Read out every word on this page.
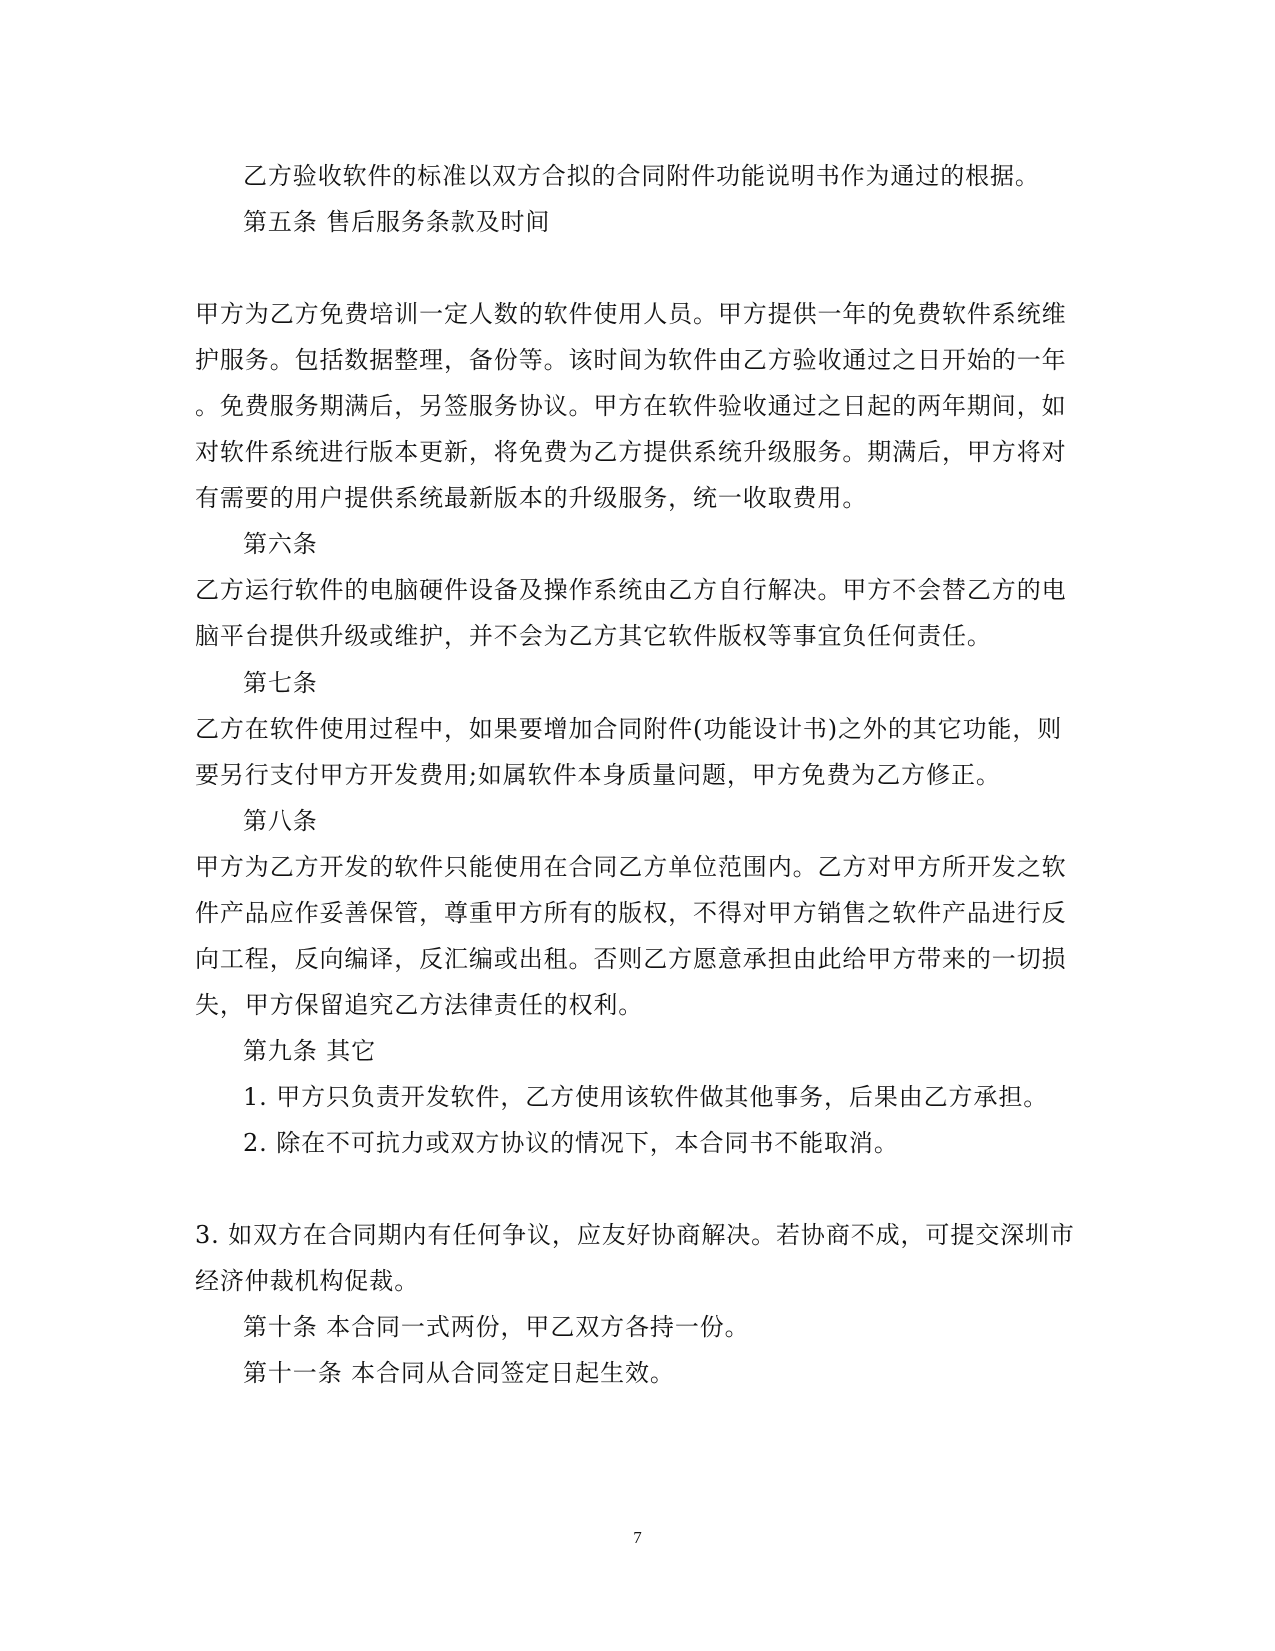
乙方验收软件的标准以双方合拟的合同附件功能说明书作为通过的根据。
第五条 售后服务条款及时间
甲方为乙方免费培训一定人数的软件使用人员。甲方提供一年的免费软件系统维
护服务。包括数据整理，备份等。该时间为软件由乙方验收通过之日开始的一年
。免费服务期满后，另签服务协议。甲方在软件验收通过之日起的两年期间，如
对软件系统进行版本更新，将免费为乙方提供系统升级服务。期满后，甲方将对
有需要的用户提供系统最新版本的升级服务，统一收取费用。
第六条
乙方运行软件的电脑硬件设备及操作系统由乙方自行解决。甲方不会替乙方的电
脑平台提供升级或维护，并不会为乙方其它软件版权等事宜负任何责任。
第七条
乙方在软件使用过程中，如果要增加合同附件(功能设计书)之外的其它功能，则
要另行支付甲方开发费用;如属软件本身质量问题，甲方免费为乙方修正。
第八条
甲方为乙方开发的软件只能使用在合同乙方单位范围内。乙方对甲方所开发之软
件产品应作妥善保管，尊重甲方所有的版权，不得对甲方销售之软件产品进行反
向工程，反向编译，反汇编或出租。否则乙方愿意承担由此给甲方带来的一切损
失，甲方保留追究乙方法律责任的权利。
第九条 其它
1. 甲方只负责开发软件，乙方使用该软件做其他事务，后果由乙方承担。
2. 除在不可抗力或双方协议的情况下，本合同书不能取消。
3. 如双方在合同期内有任何争议，应友好协商解决。若协商不成，可提交深圳市
经济仲裁机构促裁。
第十条 本合同一式两份，甲乙双方各持一份。
第十一条 本合同从合同签定日起生效。
7
